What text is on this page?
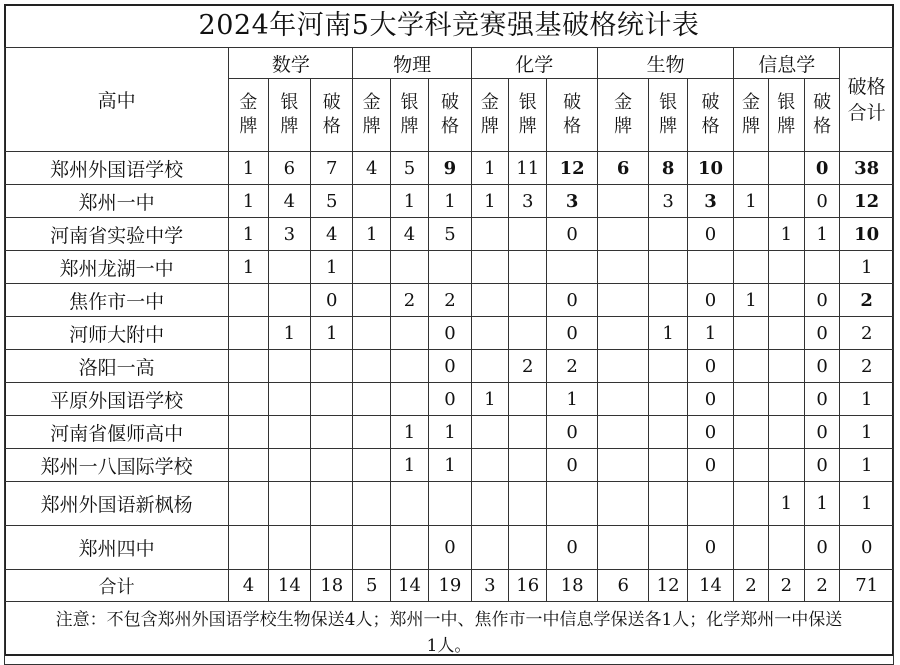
2024年河南5大学科竞赛强基破格统计表
高中	数学			物理			化学			生物			信息学			破格合计
	金牌	银牌	破格	金牌	银牌	破格	金牌	银牌	破格	金牌	银牌	破格	金牌	银牌	破格	
郑州外国语学校	1	6	7	4	5	9	1	11	12	6	8	10			0	38
郑州一中	1	4	5		1	1	1	3	3		3	3	1		0	12
河南省实验中学	1	3	4	1	4	5			0			0		1	1	10
郑州龙湖一中	1		1													1
焦作市一中			0		2	2			0			0	1		0	2
河师大附中		1	1			0			0		1	1			0	2
洛阳一高						0		2	2			0			0	2
平原外国语学校						0	1		1			0			0	1
河南省偃师高中					1	1			0			0			0	1
郑州一八国际学校					1	1			0			0			0	1
郑州外国语新枫杨														1	1	1
郑州四中						0			0			0			0	0
合计	4	14	18	5	14	19	3	16	18	6	12	14	2	2	2	71
注意：不包含郑州外国语学校生物保送4人；郑州一中、焦作市一中信息学保送各1人；化学郑州一中保送1人。																
